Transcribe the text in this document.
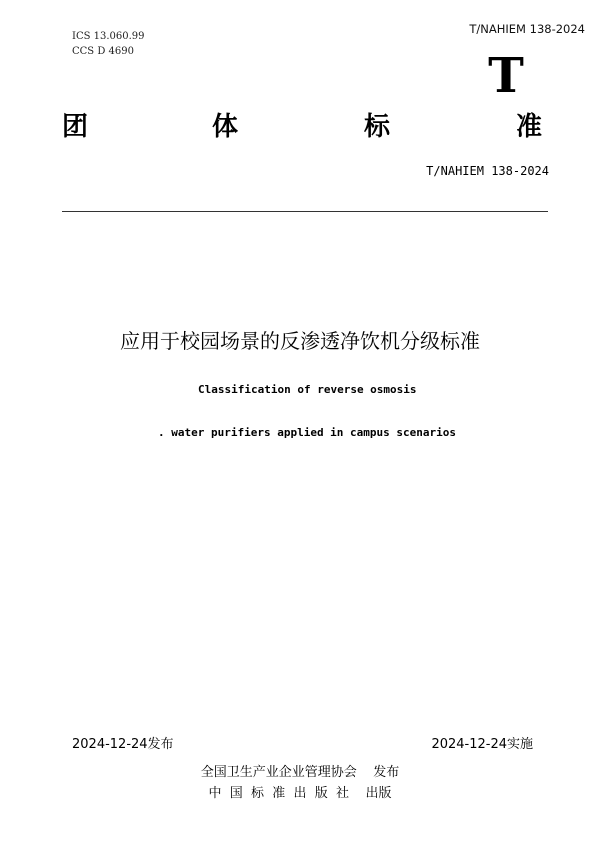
ICS 13.060.99
CCS D 4690
T/NAHIEM 138-2024
T
团	体	标	准
T/NAHIEM 138-2024
应用于校园场景的反渗透净饮机分级标准
Classification of reverse osmosis
. water purifiers applied in campus scenarios
2024-12-24发布	2024-12-24实施
全国卫生产业企业管理协会    发布
中  国  标  准  出  版  社    出版
